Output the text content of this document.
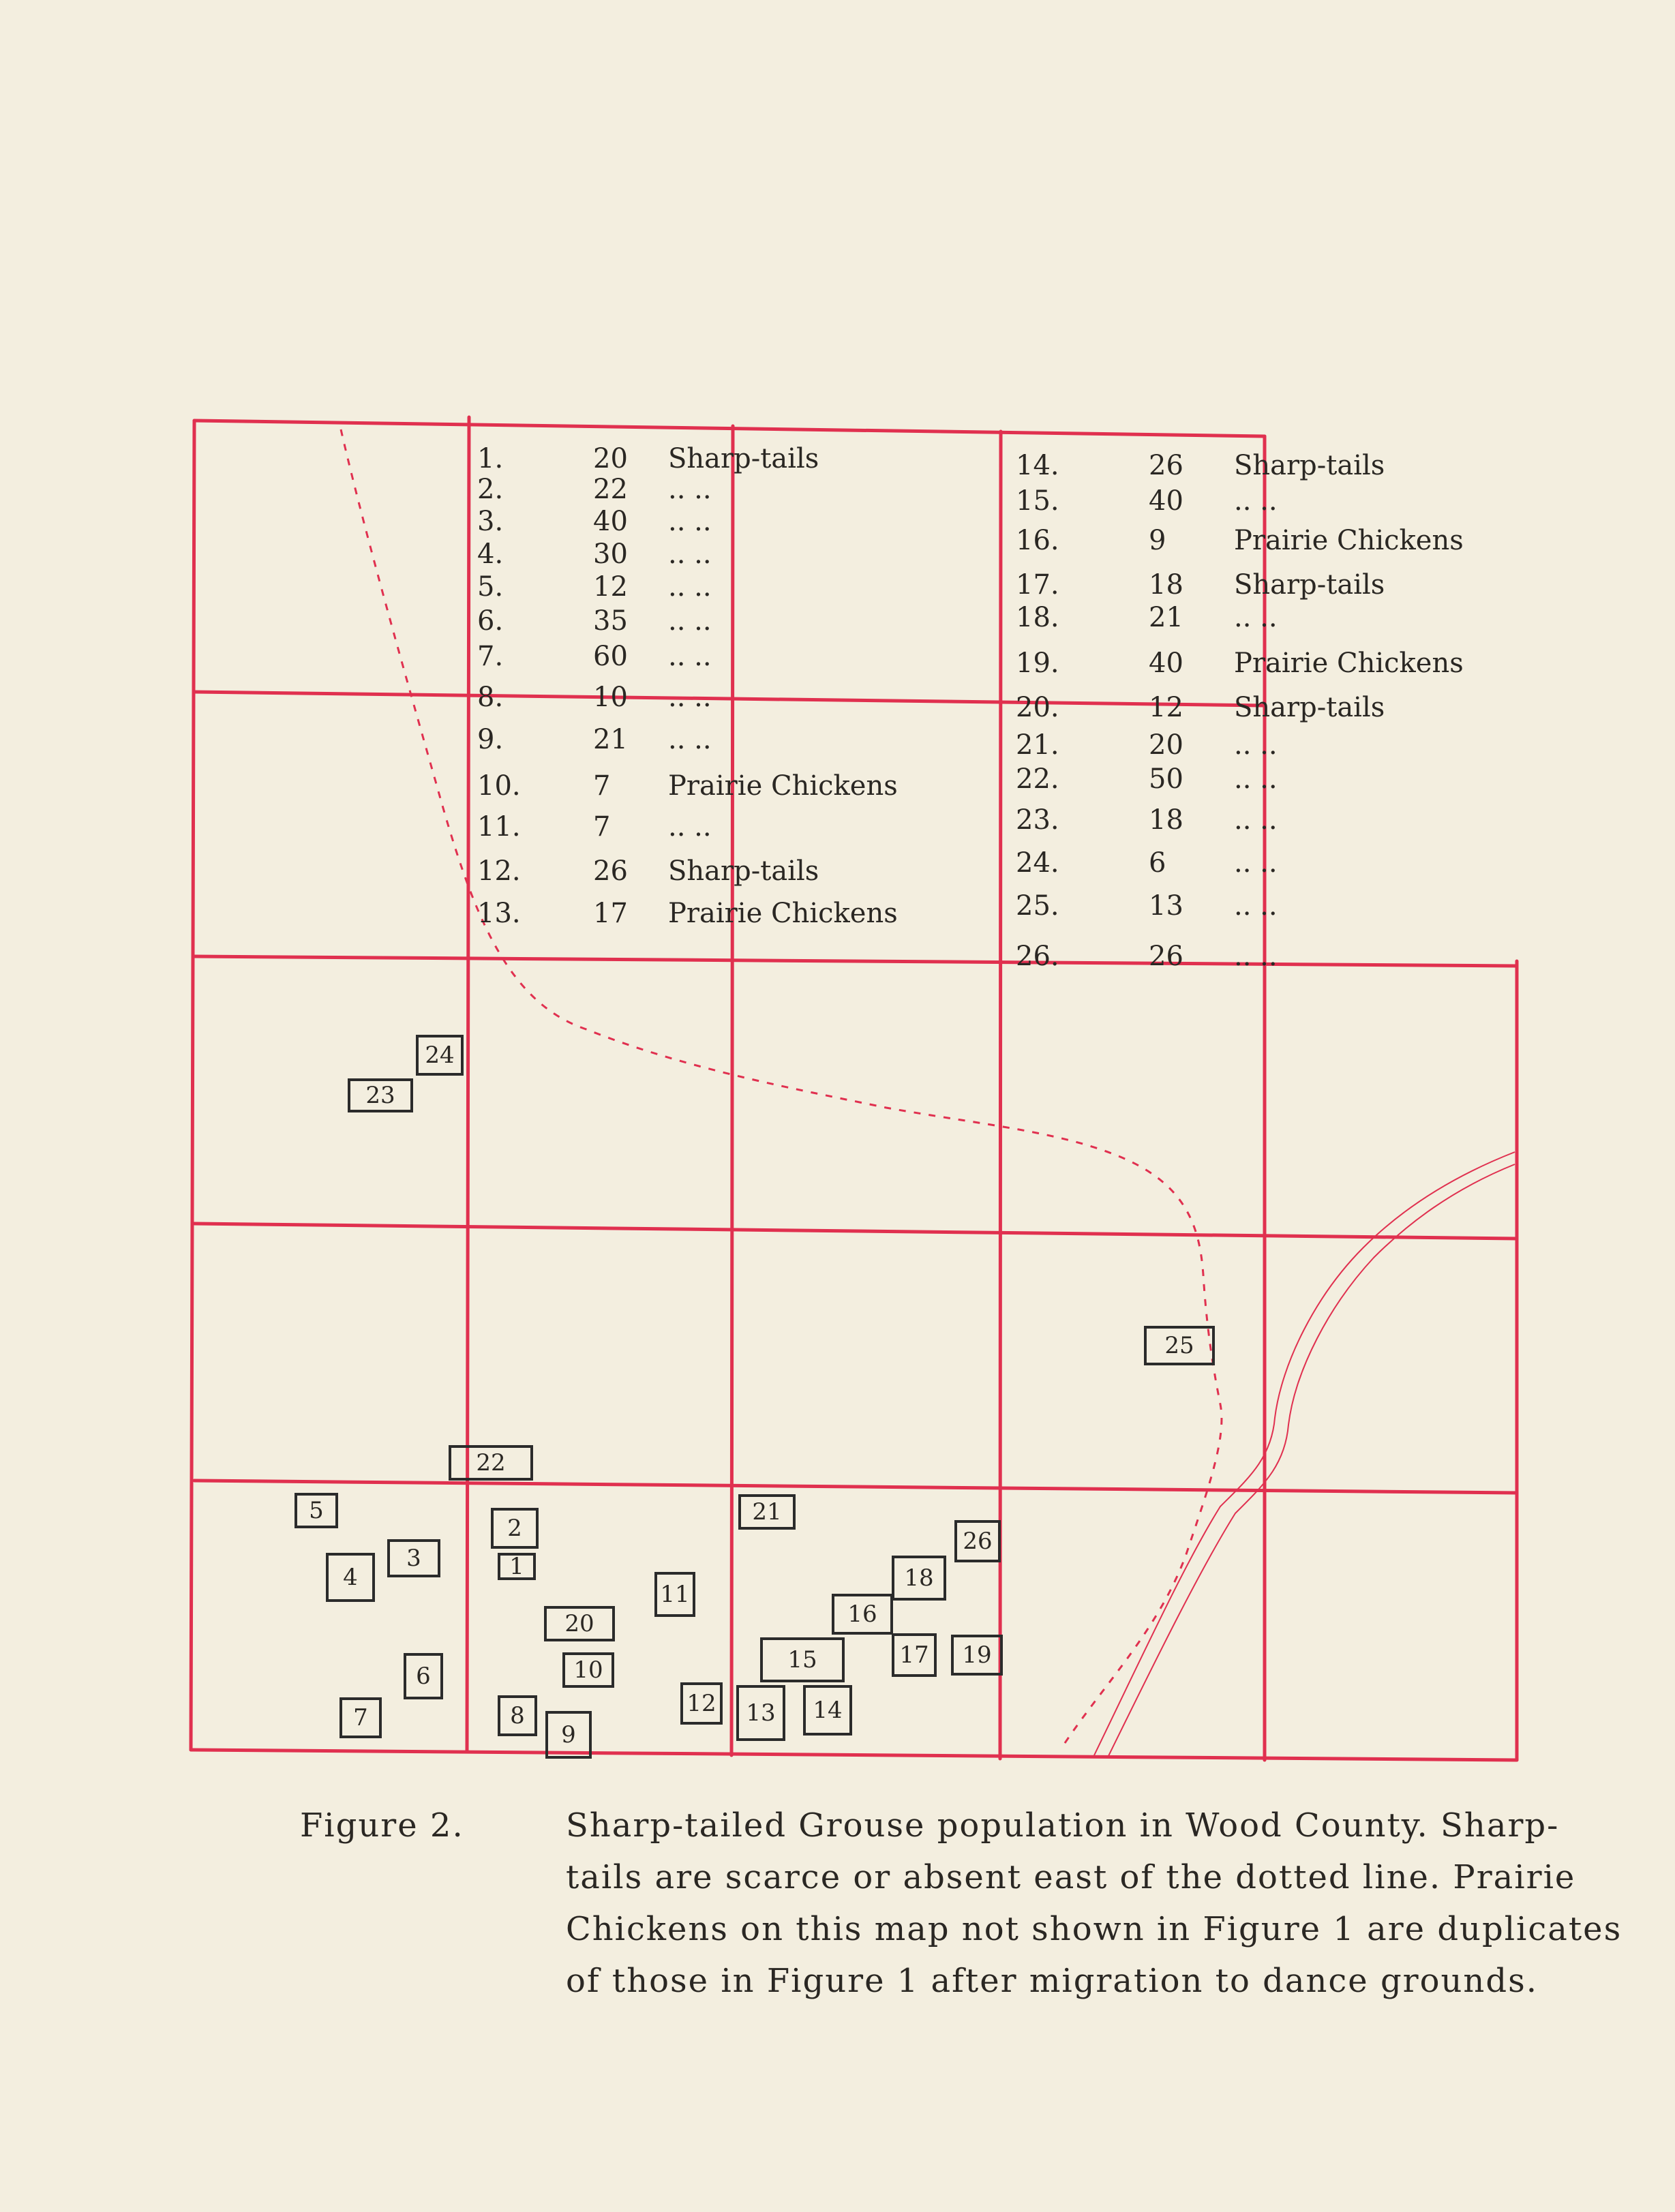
1.	20 Sharp-tails
2.	22 .. ..
3.	40 .. ..
4.	30 .. ..
5.	12 .. ..
6.	35 .. ..
7.	60 .. ..
8.	10 .. ..
9.	21 .. ..
10.	7 Prairie Chickens
11.	7 .. ..
12.	26 Sharp-tails
13.	17 Prairie Chickens
14.	26 Sharp-tails
15.	40 .. ..
16.	9 Prairie Chickens
17.	18 Sharp-tails
18.	21 .. ..
19.	40 Prairie Chickens
20.	12 Sharp-tails
21.	20 .. ..
22.	50 .. ..
23.	18 .. ..
24.	6 .. ..
25.	13 .. ..
26.	26 .. ..
24
23
25
22
5
2
21
26
3
4	1
11
18
20	16
17	19
6
15
10
12	13	14
8
7
9
Figure 2.	Sharp-tailed Grouse population in Wood County. Sharp-tails are scarce or absent east of the dotted line. Prairie Chickens on this map not shown in Figure 1 are duplicates of those in Figure 1 after migration to dance grounds.
